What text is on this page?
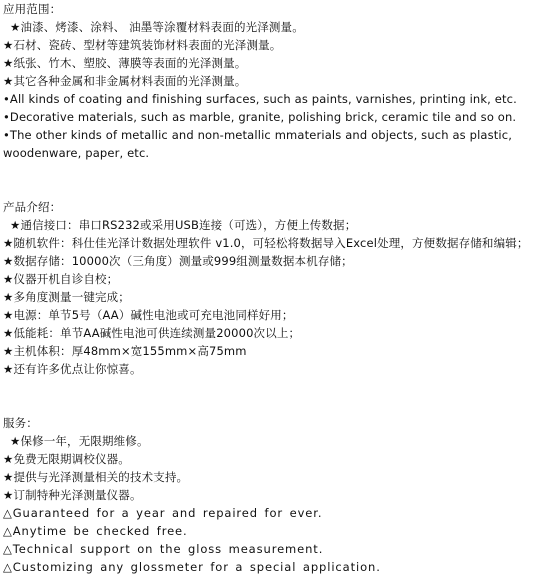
应用范围：
★油漆、烤漆、涂料、 油墨等涂覆材料表面的光泽测量。
★石材、瓷砖、型材等建筑装饰材料表面的光泽测量。
★纸张、竹木、塑胶、薄膜等表面的光泽测量。
★其它各种金属和非金属材料表面的光泽测量。
•All kinds of coating and finishing surfaces, such as paints, varnishes, printing ink, etc.
•Decorative materials, such as marble, granite, polishing brick, ceramic tile and so on.
•The other kinds of metallic and non-metallic mmaterials and objects, such as plastic,
woodenware, paper, etc.
产品介绍：
★通信接口：串口RS232或采用USB连接（可选），方便上传数据；
★随机软件：科仕佳光泽计数据处理软件 v1.0，可轻松将数据导入Excel处理，方便数据存储和编辑；
★数据存储：10000次（三角度）测量或999组测量数据本机存储；
★仪器开机自诊自校；
★多角度测量一键完成；
★电源：单节5号（AA）碱性电池或可充电池同样好用；
★低能耗：单节AA碱性电池可供连续测量20000次以上；
★主机体积：厚48mm×宽155mm×高75mm
★还有许多优点让你惊喜。
服务：
★保修一年，无限期维修。
★免费无限期调校仪器。
★提供与光泽测量相关的技术支持。
★订制特种光泽测量仪器。
△Guaranteed for a year and repaired for ever.
△Anytime be checked free.
△Technical support on the gloss measurement.
△Customizing any glossmeter for a special application.
